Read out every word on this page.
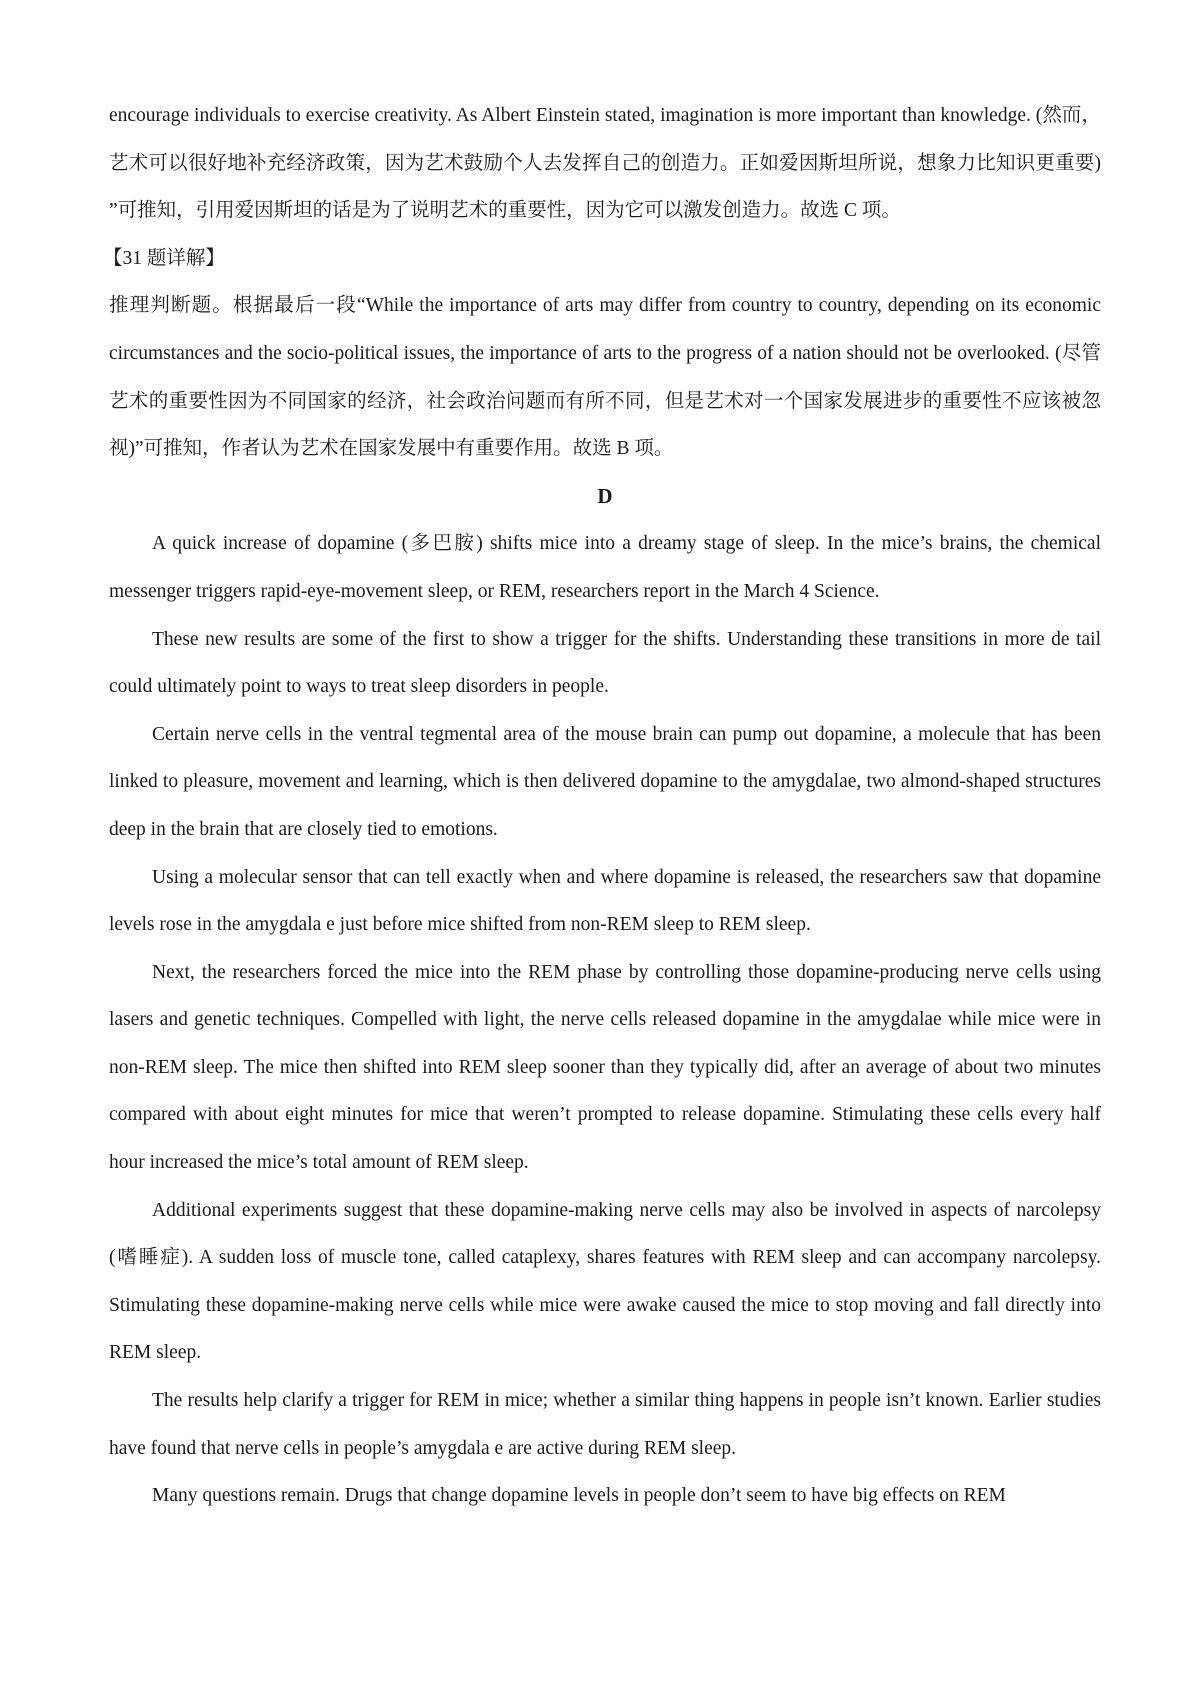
encourage individuals to exercise creativity. As Albert Einstein stated, imagination is more important than knowledge. (然而，艺术可以很好地补充经济政策，因为艺术鼓励个人去发挥自己的创造力。正如爱因斯坦所说，想象力比知识更重要) ”可推知，引用爱因斯坦的话是为了说明艺术的重要性，因为它可以激发创造力。故选 C 项。

【31 题详解】

推理判断题。根据最后一段“While the importance of arts may differ from country to country, depending on its economic circumstances and the socio-political issues, the importance of arts to the progress of a nation should not be overlooked. (尽管艺术的重要性因为不同国家的经济，社会政治问题而有所不同，但是艺术对一个国家发展进步的重要性不应该被忽视)”可推知，作者认为艺术在国家发展中有重要作用。故选 B 项。

D

A quick increase of dopamine (多巴胺) shifts mice into a dreamy stage of sleep. In the mice’s brains, the chemical messenger triggers rapid-eye-movement sleep, or REM, researchers report in the March 4 Science.

These new results are some of the first to show a trigger for the shifts. Understanding these transitions in more de tail could ultimately point to ways to treat sleep disorders in people.

Certain nerve cells in the ventral tegmental area of the mouse brain can pump out dopamine, a molecule that has been linked to pleasure, movement and learning, which is then delivered dopamine to the amygdalae, two almond-shaped structures deep in the brain that are closely tied to emotions.

Using a molecular sensor that can tell exactly when and where dopamine is released, the researchers saw that dopamine levels rose in the amygdala e just before mice shifted from non-REM sleep to REM sleep.

Next, the researchers forced the mice into the REM phase by controlling those dopamine-producing nerve cells using lasers and genetic techniques. Compelled with light, the nerve cells released dopamine in the amygdalae while mice were in non-REM sleep. The mice then shifted into REM sleep sooner than they typically did, after an average of about two minutes compared with about eight minutes for mice that weren’t prompted to release dopamine. Stimulating these cells every half hour increased the mice’s total amount of REM sleep.

Additional experiments suggest that these dopamine-making nerve cells may also be involved in aspects of narcolepsy (嗜睡症). A sudden loss of muscle tone, called cataplexy, shares features with REM sleep and can accompany narcolepsy. Stimulating these dopamine-making nerve cells while mice were awake caused the mice to stop moving and fall directly into REM sleep.

The results help clarify a trigger for REM in mice; whether a similar thing happens in people isn’t known. Earlier studies have found that nerve cells in people’s amygdala e are active during REM sleep.

Many questions remain. Drugs that change dopamine levels in people don’t seem to have big effects on REM
